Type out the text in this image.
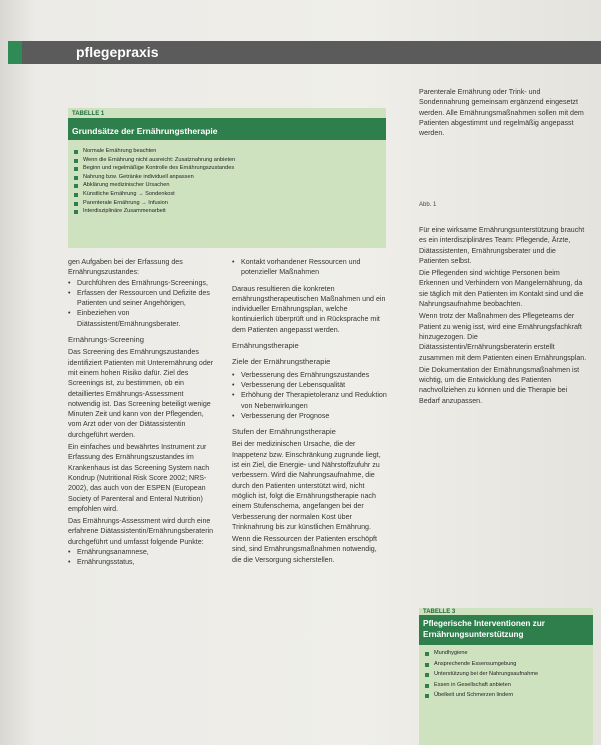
pflegepraxis
TABELLE 1
Grundsätze der Ernährungstherapie
Normale Ernährung beachten
Wenn die Ernährung nicht ausreicht: Zusatznahrung anbieten
Beginn und regelmäßige Kontrolle des Ernährungszustandes
Nahrung bzw. Getränke individuell anpassen
Abklärung medizinischer Ursachen
Künstliche Ernährung → Sondenkost
Parenterale Ernährung → Infusion
Interdisziplinäre Zusammenarbeit

gen Aufgaben bei der Erfassung des Ernährungszustandes:

• Durchführen des Ernährungs-Screenings,

• Erfassen der Ressourcen und Defizite des Patienten und seiner Angehörigen,

• Einbeziehen von Diätassistent/Ernährungsberater.

Ernährungs-Screening

Das Screening des Ernährungszustandes identifiziert Patienten mit Unterernährung oder mit einem hohen Risiko dafür. Ziel des Screenings ist, zu bestimmen, ob ein detailliertes Ernährungs-Assessment notwendig ist. Das Screening beteiligt wenige Minuten Zeit und kann von der Pflegenden, vom Arzt oder von der Diätassistentin durchgeführt werden.

Ein einfaches und bewährtes Instrument zur Erfassung des Ernährungszustandes im Krankenhaus ist das Screening System nach Kondrup (Nutritional Risk Score 2002; NRS-2002), das auch von der ESPEN (European Society of Parenteral and Enteral Nutrition) empfohlen wird.

Das Ernährungs-Assessment wird durch eine erfahrene Diätassistentin/Ernährungsberaterin durchgeführt und umfasst folgende Punkte:

• Ernährungsanamnese,

• Ernährungsstatus,

• Kontakt vorhandener Ressourcen und potenzieller Maßnahmen

Daraus resultieren die konkreten ernährungstherapeutischen Maßnahmen und ein individueller Ernährungsplan, welche kontinuierlich überprüft und in Rücksprache mit dem Patienten angepasst werden.

Ernährungstherapie

Ziele der Ernährungstherapie

• Verbesserung des Ernährungszustandes

• Verbesserung der Lebensqualität

• Erhöhung der Therapietoleranz und Reduktion von Nebenwirkungen

• Verbesserung der Prognose

Stufen der Ernährungstherapie

Bei der medizinischen Ursache, die der Inappetenz bzw. Einschränkung zugrunde liegt, ist ein Ziel, die Energie- und Nährstoffzufuhr zu verbessern. Wird die Nahrungsaufnahme, die durch den Patienten unterstützt wird, nicht möglich ist, folgt die Ernährungstherapie nach einem Stufenschema, angefangen bei der Verbesserung der normalen Kost über Trinknahrung bis zur künstlichen Ernährung.

Wenn die Ressourcen der Patienten erschöpft sind, sind Ernährungsmaßnahmen notwendig, die die Versorgung sicherstellen.

Parenterale Ernährung oder Trink- und Sondennahrung gemeinsam ergänzend eingesetzt werden. Alle Ernährungsmaßnahmen sollen mit dem Patienten abgestimmt und regelmäßig angepasst werden.

Abb. 1

Für eine wirksame Ernährungsunterstützung braucht es ein interdisziplinäres Team: Pflegende, Ärzte, Diätassistenten, Ernährungsberater und die Patienten selbst.

Die Pflegenden sind wichtige Personen beim Erkennen und Verhindern von Mangelernährung, da sie täglich mit den Patienten im Kontakt sind und die Nahrungsaufnahme beobachten.

Wenn trotz der Maßnahmen des Pflegeteams der Patient zu wenig isst, wird eine Ernährungsfachkraft hinzugezogen. Die Diätassistentin/Ernährungsberaterin erstellt zusammen mit dem Patienten einen Ernährungsplan.

Die Dokumentation der Ernährungsmaßnahmen ist wichtig, um die Entwicklung des Patienten nachvollziehen zu können und die Therapie bei Bedarf anzupassen.

TABELLE 3
Pflegerische Interventionen zur Ernährungsunterstützung
Mundhygiene
Ansprechende Essensumgebung
Unterstützung bei der Nahrungsaufnahme
Essen in Gesellschaft anbieten
Übelkeit und Schmerzen lindern
